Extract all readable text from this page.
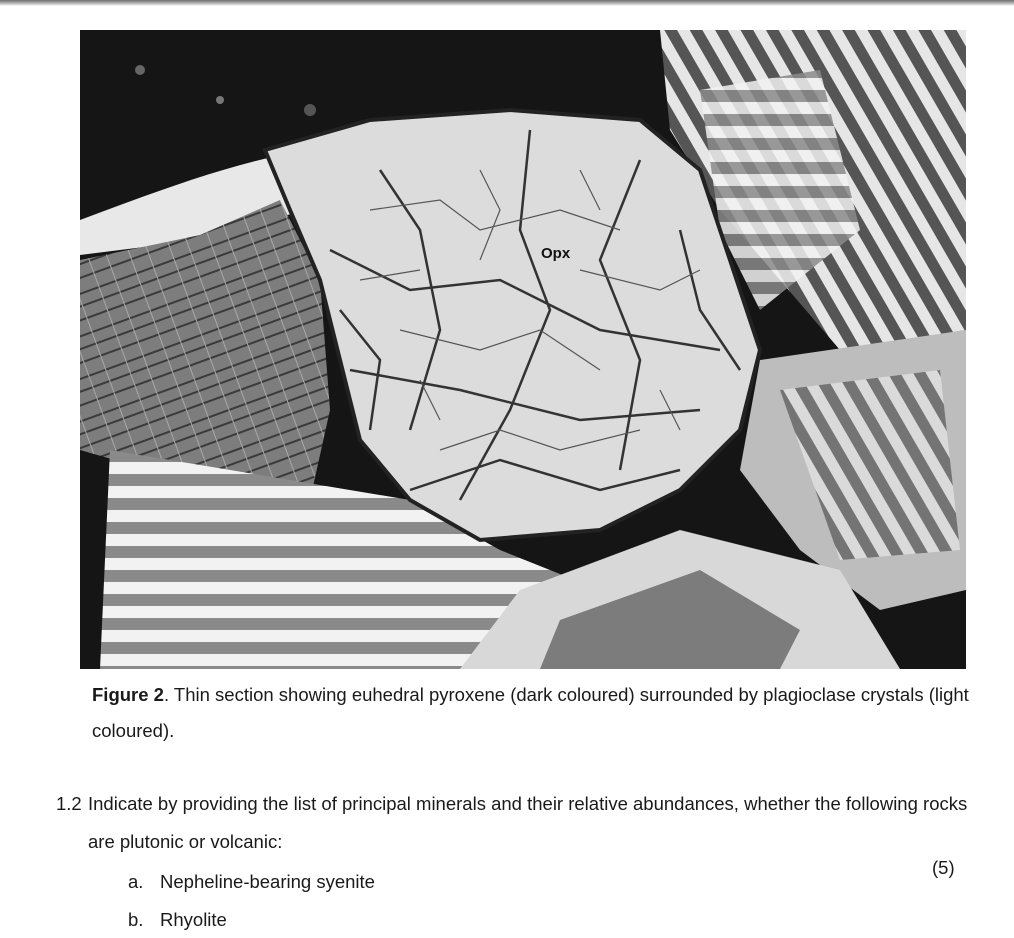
Opx
Figure 2. Thin section showing euhedral pyroxene (dark coloured) surrounded by plagioclase crystals (light coloured).
1.2 Indicate by providing the list of principal minerals and their relative abundances, whether the following rocks are plutonic or volcanic:
(5)
a. Nepheline-bearing syenite
b. Rhyolite
